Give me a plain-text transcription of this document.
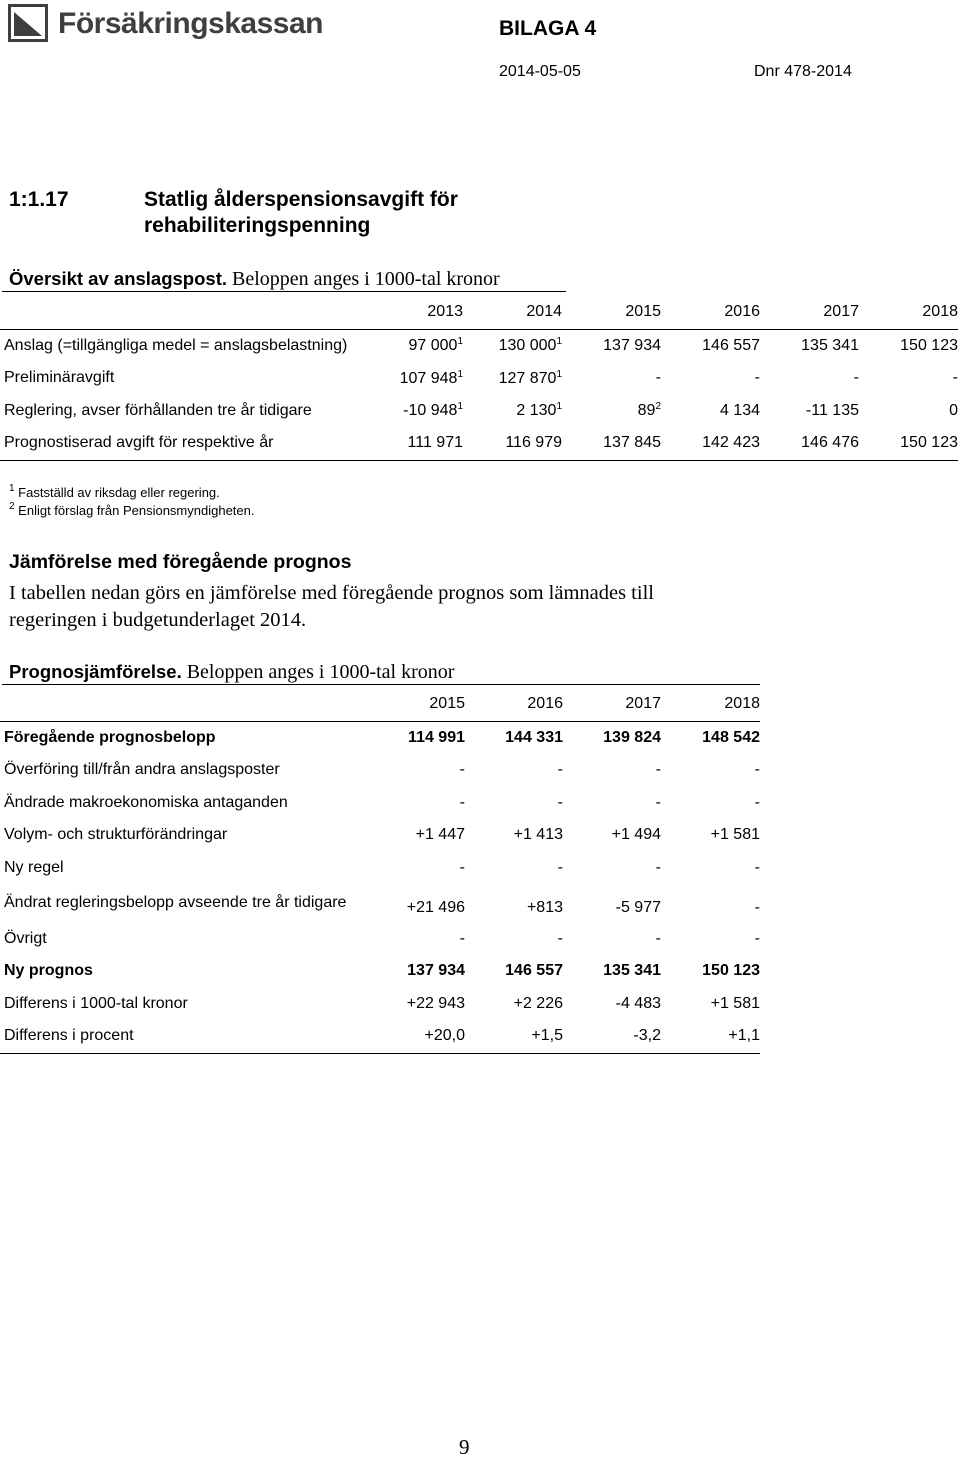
Försäkringskassan	BILAGA 4
2014-05-05	Dnr 478-2014
1:1.17	Statlig ålderspensionsavgift för rehabiliteringspenning
Översikt av anslagspost. Beloppen anges i 1000-tal kronor
	2013	2014	2015	2016	2017	2018
Anslag (=tillgängliga medel = anslagsbelastning)	97 $000^1$	130 $000^1$	137 934	146 557	135 341	150 123
Preliminäravgift	107 $948^1$	127 $870^1$	-	-	-	-
Reglering, avser förhållanden tre år tidigare	-10 $948^1$	2 $130^1$	$89^2$	4 134	-11 135	0
Prognostiserad avgift för respektive år	111 971	116 979	137 845	142 423	146 476	150 123
$^1$ Fastställd av riksdag eller regering.
$^2$ Enligt förslag från Pensionsmyndigheten.
Jämförelse med föregående prognos
I tabellen nedan görs en jämförelse med föregående prognos som lämnades till regeringen i budgetunderlaget 2014.
Prognosjämförelse. Beloppen anges i 1000-tal kronor
	2015	2016	2017	2018
Föregående prognosbelopp	114 991	144 331	139 824	148 542
Överföring till/från andra anslagsposter	-	-	-	-
Ändrade makroekonomiska antaganden	-	-	-	-
Volym- och strukturförändringar	+1 447	+1 413	+1 494	+1 581
Ny regel	-	-	-	-
Ändrat regleringsbelopp avseende tre år tidigare	+21 496	+813	-5 977	-
Övrigt	-	-	-	-
Ny prognos	137 934	146 557	135 341	150 123
Differens i 1000-tal kronor	+22 943	+2 226	-4 483	+1 581
Differens i procent	+20,0	+1,5	-3,2	+1,1
9
